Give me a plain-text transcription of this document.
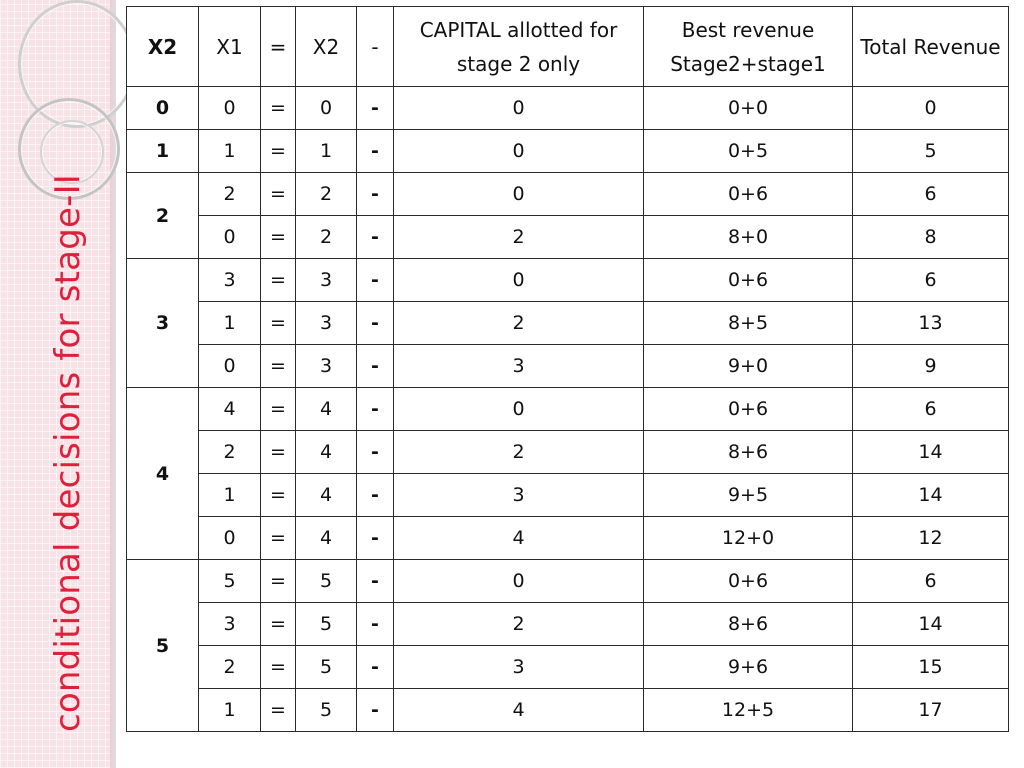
conditional decisions for stage-II
X2	X1	=	X2	-	CAPITAL allotted for stage 2 only	Best revenue Stage2+stage1	Total Revenue
0	0	=	0	-	0	0+0	0
1	1	=	1	-	0	0+5	5
2	2	=	2	-	0	0+6	6
	0	=	2	-	2	8+0	8
3	3	=	3	-	0	0+6	6
	1	=	3	-	2	8+5	13
	0	=	3	-	3	9+0	9
4	4	=	4	-	0	0+6	6
	2	=	4	-	2	8+6	14
	1	=	4	-	3	9+5	14
	0	=	4	-	4	12+0	12
5	5	=	5	-	0	0+6	6
	3	=	5	-	2	8+6	14
	2	=	5	-	3	9+6	15
	1	=	5	-	4	12+5	17
